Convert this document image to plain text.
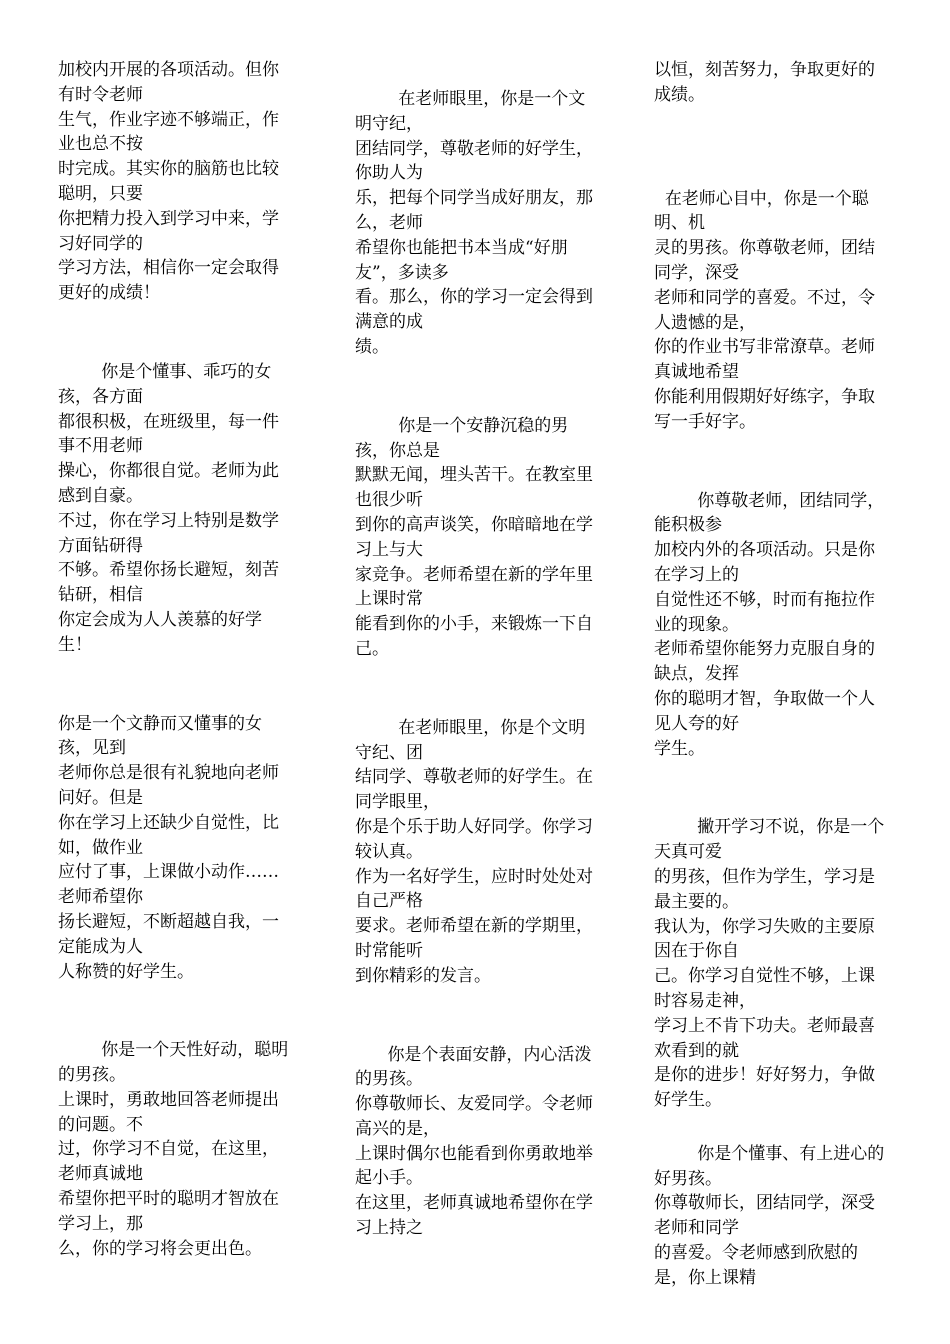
加校内开展的各项活动。但你有时令老师
生气，作业字迹不够端正，作业也总不按
时完成。其实你的脑筋也比较聪明，只要
你把精力投入到学习中来，学习好同学的
学习方法，相信你一定会取得更好的成绩！

你是个懂事、乖巧的女孩，各方面
都很积极，在班级里，每一件事不用老师
操心，你都很自觉。老师为此感到自豪。
不过，你在学习上特别是数学方面钻研得
不够。希望你扬长避短，刻苦钻研，相信
你定会成为人人羡慕的好学生！

你是一个文静而又懂事的女孩，见到
老师你总是很有礼貌地向老师问好。但是
你在学习上还缺少自觉性，比如，做作业
应付了事，上课做小动作……老师希望你
扬长避短，不断超越自我，一定能成为人
人称赞的好学生。

你是一个天性好动，聪明的男孩。
上课时，勇敢地回答老师提出的问题。不
过，你学习不自觉，在这里，老师真诚地
希望你把平时的聪明才智放在学习上，那
么，你的学习将会更出色。

在老师眼里，你是一个文明守纪，
团结同学，尊敬老师的好学生，你助人为
乐，把每个同学当成好朋友，那么，老师
希望你也能把书本当成“好朋友”，多读多
看。那么，你的学习一定会得到满意的成
绩。

你是一个安静沉稳的男孩，你总是
默默无闻，埋头苦干。在教室里也很少听
到你的高声谈笑，你暗暗地在学习上与大
家竞争。老师希望在新的学年里上课时常
能看到你的小手，来锻炼一下自己。

在老师眼里，你是个文明守纪、团
结同学、尊敬老师的好学生。在同学眼里，
你是个乐于助人好同学。你学习较认真。
作为一名好学生，应时时处处对自己严格
要求。老师希望在新的学期里，时常能听
到你精彩的发言。

你是个表面安静，内心活泼的男孩。
你尊敬师长、友爱同学。令老师高兴的是，
上课时偶尔也能看到你勇敢地举起小手。
在这里，老师真诚地希望你在学习上持之

以恒，刻苦努力，争取更好的成绩。

在老师心目中，你是一个聪明、机
灵的男孩。你尊敬老师，团结同学，深受
老师和同学的喜爱。不过，令人遗憾的是，
你的作业书写非常潦草。老师真诚地希望
你能利用假期好好练字，争取写一手好字。

你尊敬老师，团结同学，能积极参
加校内外的各项活动。只是你在学习上的
自觉性还不够，时而有拖拉作业的现象。
老师希望你能努力克服自身的缺点，发挥
你的聪明才智，争取做一个人见人夸的好
学生。

撇开学习不说，你是一个天真可爱
的男孩，但作为学生，学习是最主要的。
我认为，你学习失败的主要原因在于你自
己。你学习自觉性不够，上课时容易走神，
学习上不肯下功夫。老师最喜欢看到的就
是你的进步！好好努力，争做好学生。

你是个懂事、有上进心的好男孩。
你尊敬师长，团结同学，深受老师和同学
的喜爱。令老师感到欣慰的是，你上课精
